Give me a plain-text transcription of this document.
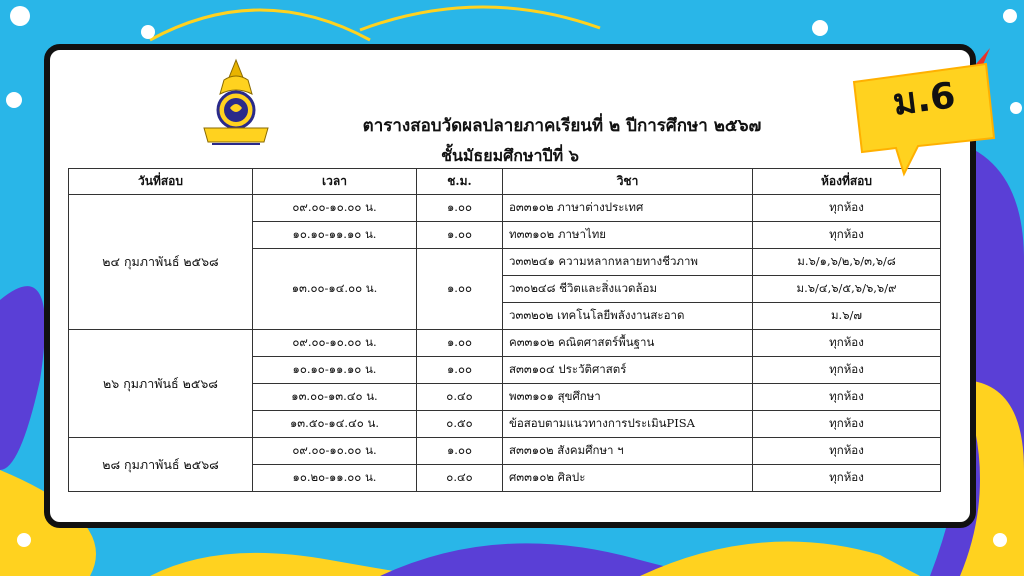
ตารางสอบวัดผลปลายภาคเรียนที่ ๒ ปีการศึกษา ๒๕๖๗
ชั้นมัธยมศึกษาปีที่ ๖
วันที่สอบ	เวลา	ช.ม.	วิชา	ห้องที่สอบ
๒๔ กุมภาพันธ์ ๒๕๖๘	๐๙.๐๐-๑๐.๐๐ น.	๑.๐๐	อ๓๓๑๐๒ ภาษาต่างประเทศ	ทุกห้อง
	๑๐.๑๐-๑๑.๑๐ น.	๑.๐๐	ท๓๓๑๐๒ ภาษาไทย	ทุกห้อง
	๑๓.๐๐-๑๔.๐๐ น.	๑.๐๐	ว๓๓๒๔๑ ความหลากหลายทางชีวภาพ	ม.๖/๑,๖/๒,๖/๓,๖/๘
			ว๓๐๒๔๘ ชีวิตและสิ่งแวดล้อม	ม.๖/๔,๖/๕,๖/๖,๖/๙
			ว๓๓๒๐๒ เทคโนโลยีพลังงานสะอาด	ม.๖/๗
๒๖ กุมภาพันธ์ ๒๕๖๘	๐๙.๐๐-๑๐.๐๐ น.	๑.๐๐	ค๓๓๑๐๒ คณิตศาสตร์พื้นฐาน	ทุกห้อง
	๑๐.๑๐-๑๑.๑๐ น.	๑.๐๐	ส๓๓๑๐๔ ประวัติศาสตร์	ทุกห้อง
	๑๓.๐๐-๑๓.๔๐ น.	๐.๔๐	พ๓๓๑๐๑ สุขศึกษา	ทุกห้อง
	๑๓.๕๐-๑๔.๔๐ น.	๐.๕๐	ข้อสอบตามแนวทางการประเมินPISA	ทุกห้อง
๒๘ กุมภาพันธ์ ๒๕๖๘	๐๙.๐๐-๑๐.๐๐ น.	๑.๐๐	ส๓๓๑๐๒ สังคมศึกษา ฯ	ทุกห้อง
	๑๐.๒๐-๑๑.๐๐ น.	๐.๔๐	ศ๓๓๑๐๒ ศิลปะ	ทุกห้อง
ม.6
